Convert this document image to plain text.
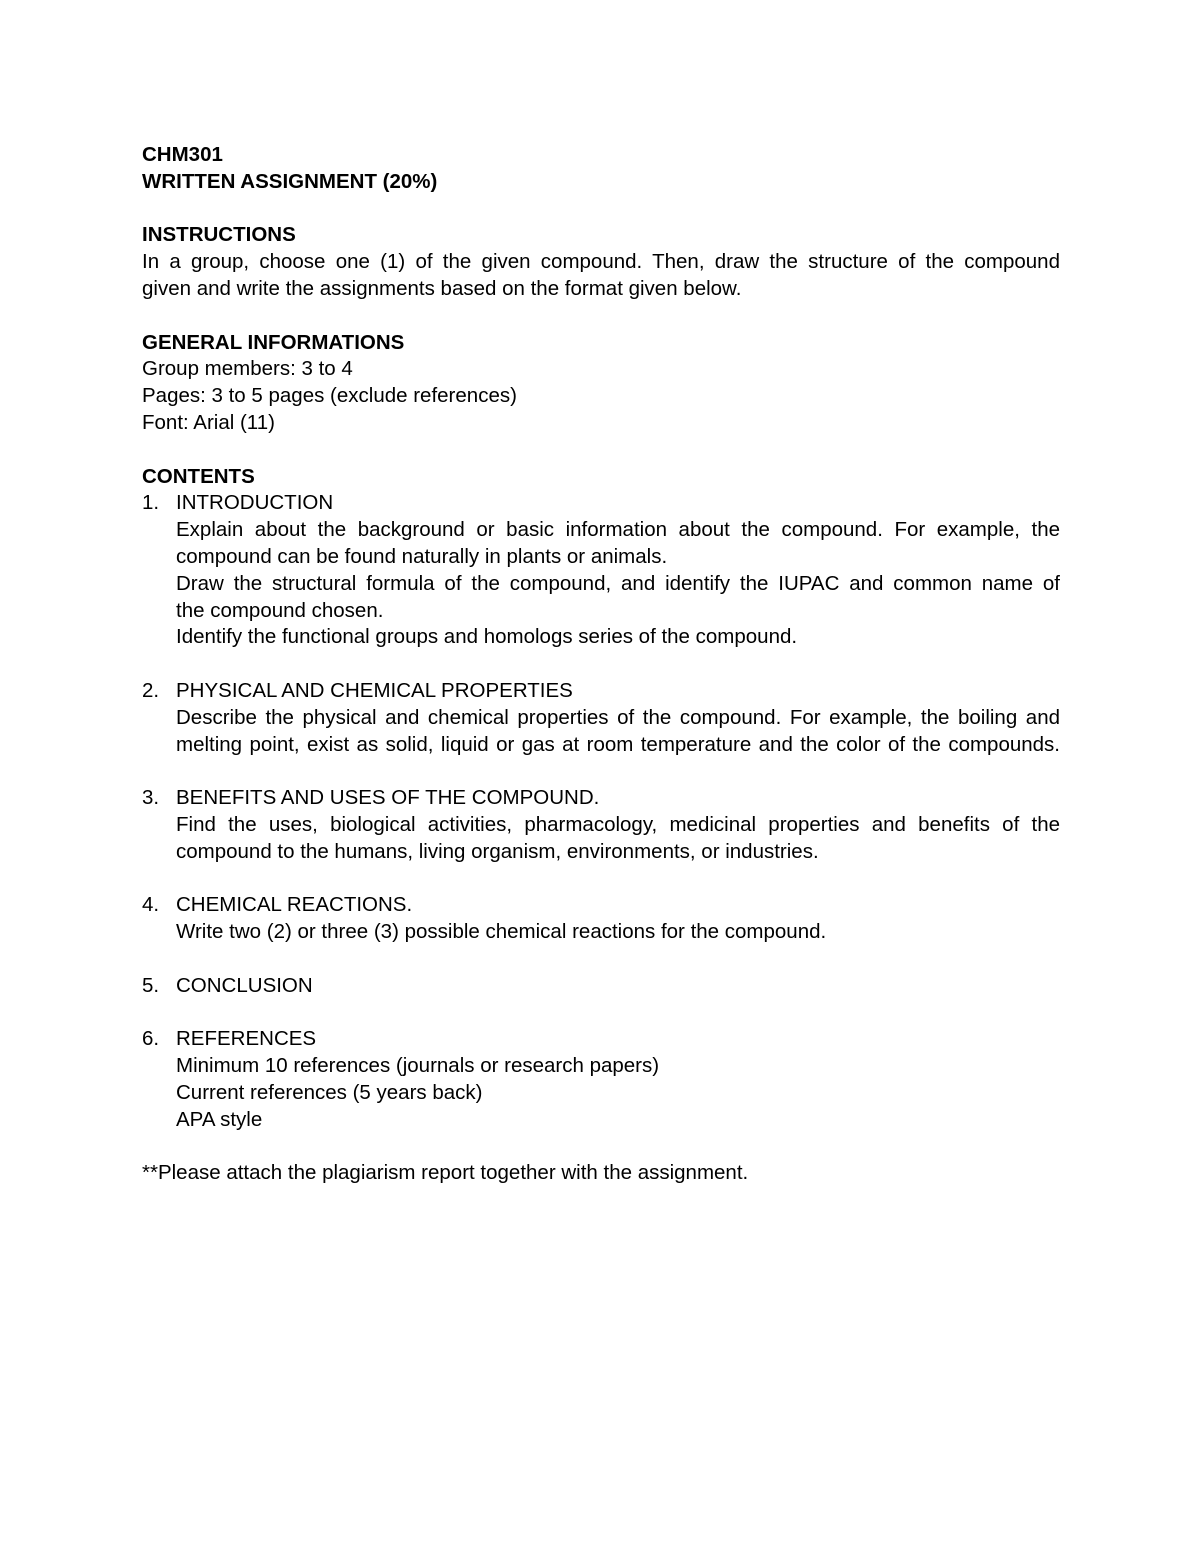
CHM301
WRITTEN ASSIGNMENT (20%)
INSTRUCTIONS
In a group, choose one (1) of the given compound. Then, draw the structure of the compound
given and write the assignments based on the format given below.
GENERAL INFORMATIONS
Group members: 3 to 4
Pages: 3 to 5 pages (exclude references)
Font: Arial (11)
CONTENTS
1. INTRODUCTION
Explain about the background or basic information about the compound. For example, the
compound can be found naturally in plants or animals.
Draw the structural formula of the compound, and identify the IUPAC and common name of
the compound chosen.
Identify the functional groups and homologs series of the compound.
2. PHYSICAL AND CHEMICAL PROPERTIES
Describe the physical and chemical properties of the compound. For example, the boiling and
melting point, exist as solid, liquid or gas at room temperature and the color of the compounds.
3. BENEFITS AND USES OF THE COMPOUND.
Find the uses, biological activities, pharmacology, medicinal properties and benefits of the
compound to the humans, living organism, environments, or industries.
4. CHEMICAL REACTIONS.
Write two (2) or three (3) possible chemical reactions for the compound.
5. CONCLUSION
6. REFERENCES
Minimum 10 references (journals or research papers)
Current references (5 years back)
APA style
**Please attach the plagiarism report together with the assignment.
